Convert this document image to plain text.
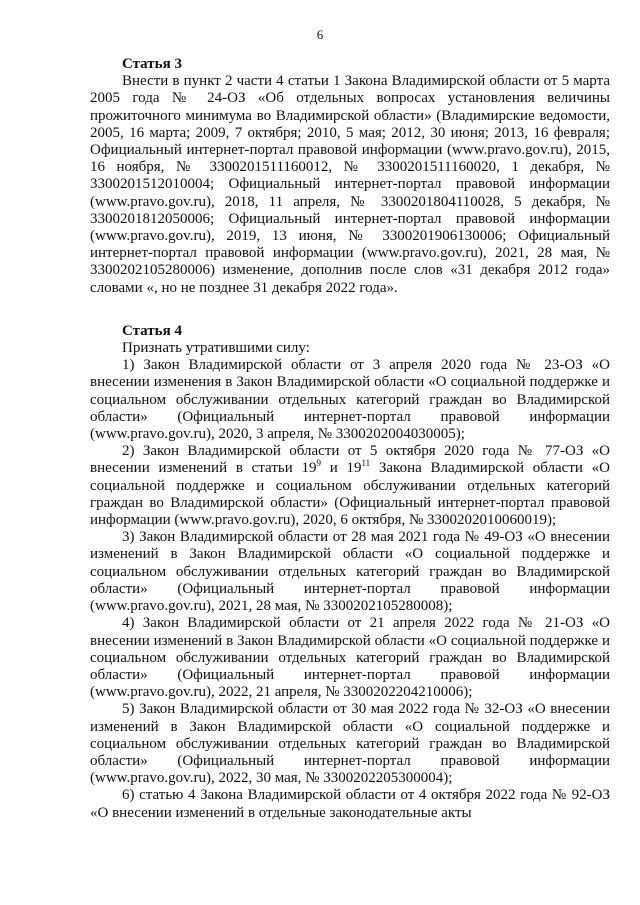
6
Статья 3

Внести в пункт 2 части 4 статьи 1 Закона Владимирской области от 5 марта 2005 года № 24-ОЗ «Об отдельных вопросах установления величины прожиточного минимума во Владимирской области» (Владимирские ведомости, 2005, 16 марта; 2009, 7 октября; 2010, 5 мая; 2012, 30 июня; 2013, 16 февраля; Официальный интернет-портал правовой информации (www.pravo.gov.ru), 2015, 16 ноября, № 3300201511160012, № 3300201511160020, 1 декабря, № 3300201512010004; Официальный интернет-портал правовой информации (www.pravo.gov.ru), 2018, 11 апреля, № 3300201804110028, 5 декабря, № 3300201812050006; Официальный интернет-портал правовой информации (www.pravo.gov.ru), 2019, 13 июня, № 3300201906130006; Официальный интернет-портал правовой информации (www.pravo.gov.ru), 2021, 28 мая, № 3300202105280006) изменение, дополнив после слов «31 декабря 2012 года» словами «, но не позднее 31 декабря 2022 года».

Статья 4

Признать утратившими силу:

1) Закон Владимирской области от 3 апреля 2020 года № 23-ОЗ «О внесении изменения в Закон Владимирской области «О социальной поддержке и социальном обслуживании отдельных категорий граждан во Владимирской области» (Официальный интернет-портал правовой информации (www.pravo.gov.ru), 2020, 3 апреля, № 3300202004030005);

2) Закон Владимирской области от 5 октября 2020 года № 77-ОЗ «О внесении изменений в статьи $19^9$ и $19^{11}$ Закона Владимирской области «О социальной поддержке и социальном обслуживании отдельных категорий граждан во Владимирской области» (Официальный интернет-портал правовой информации (www.pravo.gov.ru), 2020, 6 октября, № 3300202010060019);

3) Закон Владимирской области от 28 мая 2021 года № 49-ОЗ «О внесении изменений в Закон Владимирской области «О социальной поддержке и социальном обслуживании отдельных категорий граждан во Владимирской области» (Официальный интернет-портал правовой информации (www.pravo.gov.ru), 2021, 28 мая, № 3300202105280008);

4) Закон Владимирской области от 21 апреля 2022 года № 21-ОЗ «О внесении изменений в Закон Владимирской области «О социальной поддержке и социальном обслуживании отдельных категорий граждан во Владимирской области» (Официальный интернет-портал правовой информации (www.pravo.gov.ru), 2022, 21 апреля, № 3300202204210006);

5) Закон Владимирской области от 30 мая 2022 года № 32-ОЗ «О внесении изменений в Закон Владимирской области «О социальной поддержке и социальном обслуживании отдельных категорий граждан во Владимирской области» (Официальный интернет-портал правовой информации (www.pravo.gov.ru), 2022, 30 мая, № 3300202205300004);

6) статью 4 Закона Владимирской области от 4 октября 2022 года № 92-ОЗ «О внесении изменений в отдельные законодательные акты
